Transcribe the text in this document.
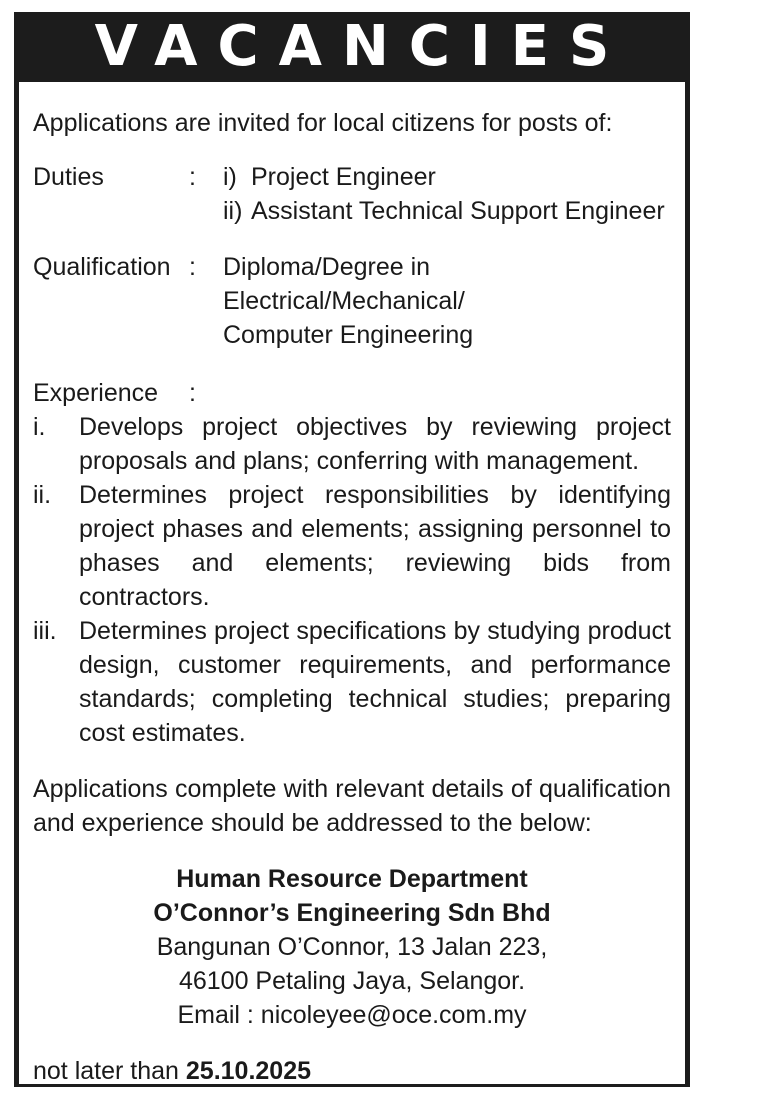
VACANCIES

Applications are invited for local citizens for posts of:

Duties	:	i) Project Engineer
ii) Assistant Technical Support Engineer
Qualification :	Diploma/Degree in Electrical/Mechanical/
Computer Engineering
Experience	:
i.	Develops project objectives by reviewing project proposals and plans; conferring with management.
ii.	Determines project responsibilities by identifying project phases and elements; assigning personnel to phases and elements; reviewing bids from contractors.
iii. Determines project specifications by studying product design, customer requirements, and performance standards; completing technical studies; preparing cost estimates.

Applications complete with relevant details of qualification and experience should be addressed to the below:

Human Resource Department
O’Connor’s Engineering Sdn Bhd
Bangunan O’Connor, 13 Jalan 223,
46100 Petaling Jaya, Selangor.
Email : nicoleyee@oce.com.my

not later than 25.10.2025
